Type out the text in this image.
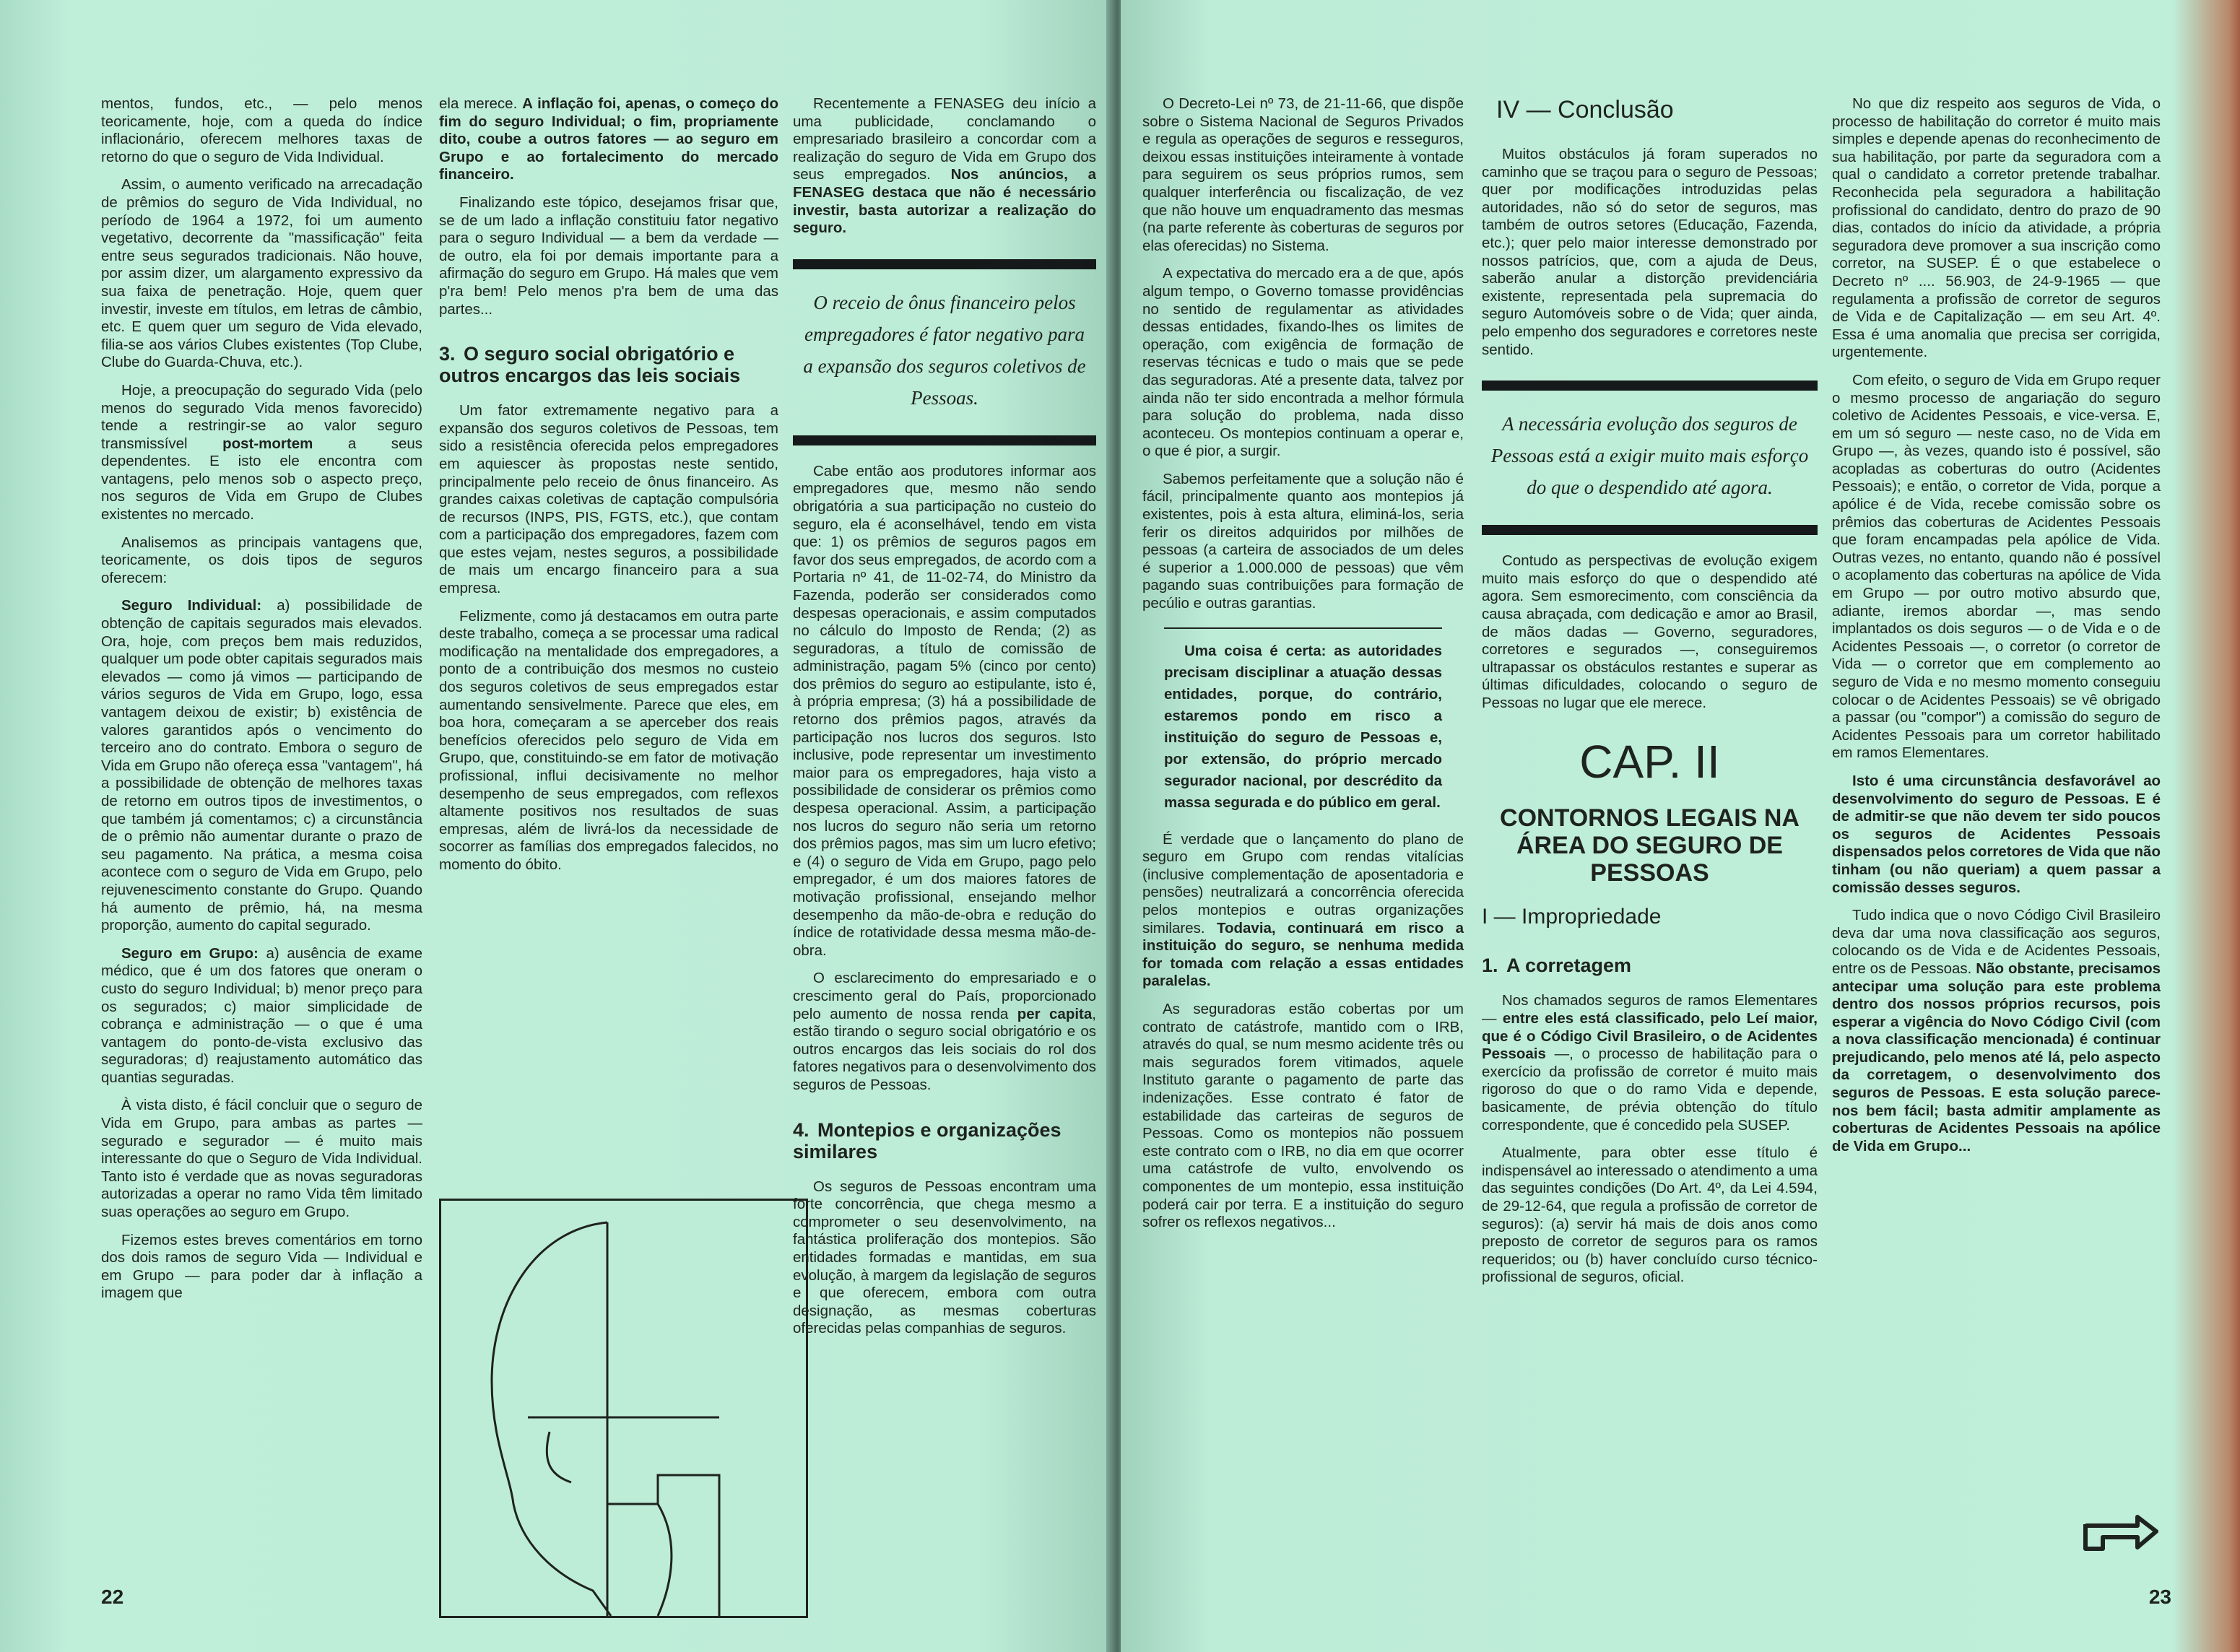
mentos, fundos, etc., — pelo menos teoricamente, hoje, com a queda do índice inflacionário, oferecem melhores taxas de retorno do que o seguro de Vida Individual.

Assim, o aumento verificado na arrecadação de prêmios do seguro de Vida Individual, no período de 1964 a 1972, foi um aumento vegetativo, decorrente da "massificação" feita entre seus segurados tradicionais. Não houve, por assim dizer, um alargamento expressivo da sua faixa de penetração. Hoje, quem quer investir, investe em títulos, em letras de câmbio, etc. E quem quer um seguro de Vida elevado, filia-se aos vários Clubes existentes (Top Clube, Clube do Guarda-Chuva, etc.).

Hoje, a preocupação do segurado Vida (pelo menos do segurado Vida menos favorecido) tende a restringir-se ao valor seguro transmissível post-mortem a seus dependentes. E isto ele encontra com vantagens, pelo menos sob o aspecto preço, nos seguros de Vida em Grupo de Clubes existentes no mercado.

Analisemos as principais vantagens que, teoricamente, os dois tipos de seguros oferecem:

Seguro Individual: a) possibilidade de obtenção de capitais segurados mais elevados. Ora, hoje, com preços bem mais reduzidos, qualquer um pode obter capitais segurados mais elevados — como já vimos — participando de vários seguros de Vida em Grupo, logo, essa vantagem deixou de existir; b) existência de valores garantidos após o vencimento do terceiro ano do contrato. Embora o seguro de Vida em Grupo não ofereça essa "vantagem", há a possibilidade de obtenção de melhores taxas de retorno em outros tipos de investimentos, o que também já comentamos; c) a circunstância de o prêmio não aumentar durante o prazo de seu pagamento. Na prática, a mesma coisa acontece com o seguro de Vida em Grupo, pelo rejuvenescimento constante do Grupo. Quando há aumento de prêmio, há, na mesma proporção, aumento do capital segurado.

Seguro em Grupo: a) ausência de exame médico, que é um dos fatores que oneram o custo do seguro Individual; b) menor preço para os segurados; c) maior simplicidade de cobrança e administração — o que é uma vantagem do ponto-de-vista exclusivo das seguradoras; d) reajustamento automático das quantias seguradas.

À vista disto, é fácil concluir que o seguro de Vida em Grupo, para ambas as partes — segurado e segurador — é muito mais interessante do que o Seguro de Vida Individual. Tanto isto é verdade que as novas seguradoras autorizadas a operar no ramo Vida têm limitado suas operações ao seguro em Grupo.

Fizemos estes breves comentários em torno dos dois ramos de seguro Vida — Individual e em Grupo — para poder dar à inflação a imagem que

ela merece. A inflação foi, apenas, o começo do fim do seguro Individual; o fim, propriamente dito, coube a outros fatores — ao seguro em Grupo e ao fortalecimento do mercado financeiro.

Finalizando este tópico, desejamos frisar que, se de um lado a inflação constituiu fator negativo para o seguro Individual — a bem da verdade — de outro, ela foi por demais importante para a afirmação do seguro em Grupo. Há males que vem p'ra bem! Pelo menos p'ra bem de uma das partes...

3. O seguro social obrigatório e outros encargos das leis sociais

Um fator extremamente negativo para a expansão dos seguros coletivos de Pessoas, tem sido a resistência oferecida pelos empregadores em aquiescer às propostas neste sentido, principalmente pelo receio de ônus financeiro. As grandes caixas coletivas de captação compulsória de recursos (INPS, PIS, FGTS, etc.), que contam com a participação dos empregadores, fazem com que estes vejam, nestes seguros, a possibilidade de mais um encargo financeiro para a sua empresa.

Felizmente, como já destacamos em outra parte deste trabalho, começa a se processar uma radical modificação na mentalidade dos empregadores, a ponto de a contribuição dos mesmos no custeio dos seguros coletivos de seus empregados estar aumentando sensivelmente. Parece que eles, em boa hora, começaram a se aperceber dos reais benefícios oferecidos pelo seguro de Vida em Grupo, que, constituindo-se em fator de motivação profissional, influi decisivamente no melhor desempenho de seus empregados, com reflexos altamente positivos nos resultados de suas empresas, além de livrá-los da necessidade de socorrer as famílias dos empregados falecidos, no momento do óbito.

Recentemente a FENASEG deu início a uma publicidade, conclamando o empresariado brasileiro a concordar com a realização do seguro de Vida em Grupo dos seus empregados. Nos anúncios, a FENASEG destaca que não é necessário investir, basta autorizar a realização do seguro.

O receio de ônus financeiro pelos empregadores é fator negativo para a expansão dos seguros coletivos de Pessoas.

Cabe então aos produtores informar aos empregadores que, mesmo não sendo obrigatória a sua participação no custeio do seguro, ela é aconselhável, tendo em vista que: 1) os prêmios de seguros pagos em favor dos seus empregados, de acordo com a Portaria nº 41, de 11-02-74, do Ministro da Fazenda, poderão ser considerados como despesas operacionais, e assim computados no cálculo do Imposto de Renda; (2) as seguradoras, a título de comissão de administração, pagam 5% (cinco por cento) dos prêmios do seguro ao estipulante, isto é, à própria empresa; (3) há a possibilidade de retorno dos prêmios pagos, através da participação nos lucros dos seguros. Isto inclusive, pode representar um investimento maior para os empregadores, haja visto a possibilidade de considerar os prêmios como despesa operacional. Assim, a participação nos lucros do seguro não seria um retorno dos prêmios pagos, mas sim um lucro efetivo; e (4) o seguro de Vida em Grupo, pago pelo empregador, é um dos maiores fatores de motivação profissional, ensejando melhor desempenho da mão-de-obra e redução do índice de rotatividade dessa mesma mão-de-obra.

O esclarecimento do empresariado e o crescimento geral do País, proporcionado pelo aumento de nossa renda per capita, estão tirando o seguro social obrigatório e os outros encargos das leis sociais do rol dos fatores negativos para o desenvolvimento dos seguros de Pessoas.

4. Montepios e organizações similares

Os seguros de Pessoas encontram uma forte concorrência, que chega mesmo a comprometer o seu desenvolvimento, na fantástica proliferação dos montepios. São entidades formadas e mantidas, em sua evolução, à margem da legislação de seguros e que oferecem, embora com outra designação, as mesmas coberturas oferecidas pelas companhias de seguros.

22

O Decreto-Lei nº 73, de 21-11-66, que dispõe sobre o Sistema Nacional de Seguros Privados e regula as operações de seguros e resseguros, deixou essas instituições inteiramente à vontade para seguirem os seus próprios rumos, sem qualquer interferência ou fiscalização, de vez que não houve um enquadramento das mesmas (na parte referente às coberturas de seguros por elas oferecidas) no Sistema.

A expectativa do mercado era a de que, após algum tempo, o Governo tomasse providências no sentido de regulamentar as atividades dessas entidades, fixando-lhes os limites de operação, com exigência de formação de reservas técnicas e tudo o mais que se pede das seguradoras. Até a presente data, talvez por ainda não ter sido encontrada a melhor fórmula para solução do problema, nada disso aconteceu. Os montepios continuam a operar e, o que é pior, a surgir.

Sabemos perfeitamente que a solução não é fácil, principalmente quanto aos montepios já existentes, pois à esta altura, eliminá-los, seria ferir os direitos adquiridos por milhões de pessoas (a carteira de associados de um deles é superior a 1.000.000 de pessoas) que vêm pagando suas contribuições para formação de pecúlio e outras garantias.

Uma coisa é certa: as autoridades precisam disciplinar a atuação dessas entidades, porque, do contrário, estaremos pondo em risco a instituição do seguro de Pessoas e, por extensão, do próprio mercado segurador nacional, por descrédito da massa segurada e do público em geral.

É verdade que o lançamento do plano de seguro em Grupo com rendas vitalícias (inclusive complementação de aposentadoria e pensões) neutralizará a concorrência oferecida pelos montepios e outras organizações similares. Todavia, continuará em risco a instituição do seguro, se nenhuma medida for tomada com relação a essas entidades paralelas.

As seguradoras estão cobertas por um contrato de catástrofe, mantido com o IRB, através do qual, se num mesmo acidente três ou mais segurados forem vitimados, aquele Instituto garante o pagamento de parte das indenizações. Esse contrato é fator de estabilidade das carteiras de seguros de Pessoas. Como os montepios não possuem este contrato com o IRB, no dia em que ocorrer uma catástrofe de vulto, envolvendo os componentes de um montepio, essa instituição poderá cair por terra. E a instituição do seguro sofrer os reflexos negativos...

IV — Conclusão

Muitos obstáculos já foram superados no caminho que se traçou para o seguro de Pessoas; quer por modificações introduzidas pelas autoridades, não só do setor de seguros, mas também de outros setores (Educação, Fazenda, etc.); quer pelo maior interesse demonstrado por nossos patrícios, que, com a ajuda de Deus, saberão anular a distorção previdenciária existente, representada pela supremacia do seguro Automóveis sobre o de Vida; quer ainda, pelo empenho dos seguradores e corretores neste sentido.

A necessária evolução dos seguros de Pessoas está a exigir muito mais esforço do que o despendido até agora.

Contudo as perspectivas de evolução exigem muito mais esforço do que o despendido até agora. Sem esmorecimento, com consciência da causa abraçada, com dedicação e amor ao Brasil, de mãos dadas — Governo, seguradores, corretores e segurados —, conseguiremos ultrapassar os obstáculos restantes e superar as últimas dificuldades, colocando o seguro de Pessoas no lugar que ele merece.

CAP. II
CONTORNOS LEGAIS NA ÁREA DO SEGURO DE PESSOAS
I — Impropriedade
1. A corretagem

Nos chamados seguros de ramos Elementares — entre eles está classificado, pelo Leí maior, que é o Código Civil Brasileiro, o de Acidentes Pessoais —, o processo de habilitação para o exercício da profissão de corretor é muito mais rigoroso do que o do ramo Vida e depende, basicamente, de prévia obtenção do título correspondente, que é concedido pela SUSEP.

Atualmente, para obter esse título é indispensável ao interessado o atendimento a uma das seguintes condições (Do Art. 4º, da Lei 4.594, de 29-12-64, que regula a profissão de corretor de seguros): (a) servir há mais de dois anos como preposto de corretor de seguros para os ramos requeridos; ou (b) haver concluído curso técnico-profissional de seguros, oficial.

No que diz respeito aos seguros de Vida, o processo de habilitação do corretor é muito mais simples e depende apenas do reconhecimento de sua habilitação, por parte da seguradora com a qual o candidato a corretor pretende trabalhar. Reconhecida pela seguradora a habilitação profissional do candidato, dentro do prazo de 90 dias, contados do início da atividade, a própria seguradora deve promover a sua inscrição como corretor, na SUSEP. É o que estabelece o Decreto nº .... 56.903, de 24-9-1965 — que regulamenta a profissão de corretor de seguros de Vida e de Capitalização — em seu Art. 4º. Essa é uma anomalia que precisa ser corrigida, urgentemente.

Com efeito, o seguro de Vida em Grupo requer o mesmo processo de angariação do seguro coletivo de Acidentes Pessoais, e vice-versa. E, em um só seguro — neste caso, no de Vida em Grupo —, às vezes, quando isto é possível, são acopladas as coberturas do outro (Acidentes Pessoais); e então, o corretor de Vida, porque a apólice é de Vida, recebe comissão sobre os prêmios das coberturas de Acidentes Pessoais que foram encampadas pela apólice de Vida. Outras vezes, no entanto, quando não é possível o acoplamento das coberturas na apólice de Vida em Grupo — por outro motivo absurdo que, adiante, iremos abordar —, mas sendo implantados os dois seguros — o de Vida e o de Acidentes Pessoais —, o corretor (o corretor de Vida — o corretor que em complemento ao seguro de Vida e no mesmo momento conseguiu colocar o de Acidentes Pessoais) se vê obrigado a passar (ou "compor") a comissão do seguro de Acidentes Pessoais para um corretor habilitado em ramos Elementares.

Isto é uma circunstância desfavorável ao desenvolvimento do seguro de Pessoas. E é de admitir-se que não devem ter sido poucos os seguros de Acidentes Pessoais dispensados pelos corretores de Vida que não tinham (ou não queriam) a quem passar a comissão desses seguros.

Tudo indica que o novo Código Civil Brasileiro deva dar uma nova classificação aos seguros, colocando os de Vida e de Acidentes Pessoais, entre os de Pessoas. Não obstante, precisamos antecipar uma solução para este problema dentro dos nossos próprios recursos, pois esperar a vigência do Novo Código Civil (com a nova classificação mencionada) é continuar prejudicando, pelo menos até lá, pelo aspecto da corretagem, o desenvolvimento dos seguros de Pessoas. E esta solução parece-nos bem fácil; basta admitir amplamente as coberturas de Acidentes Pessoais na apólice de Vida em Grupo...

23
